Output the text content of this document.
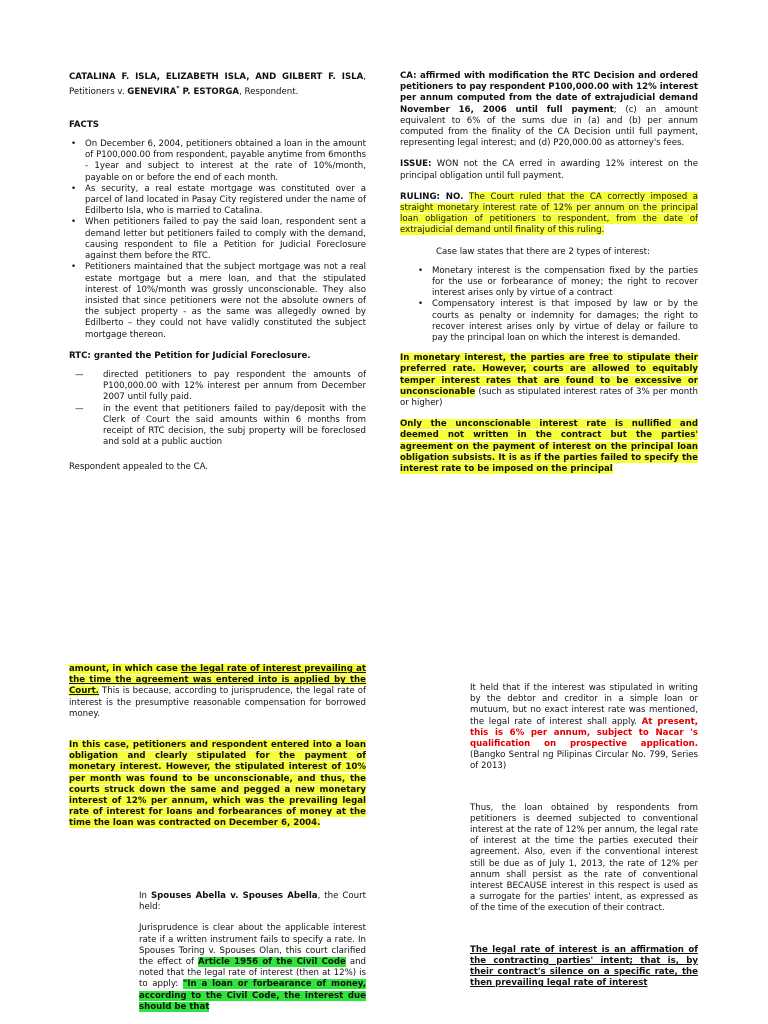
CATALINA F. ISLA, ELIZABETH ISLA, AND GILBERT F. ISLA, Petitioners v. GENEVIRA* P. ESTORGA, Respondent.

FACTS

• On December 6, 2004, petitioners obtained a loan in the amount of P100,000.00 from respondent, payable anytime from 6months - 1year and subject to interest at the rate of 10%/month, payable on or before the end of each month.
• As security, a real estate mortgage was constituted over a parcel of land located in Pasay City registered under the name of Edilberto Isla, who is married to Catalina.
• When petitioners failed to pay the said loan, respondent sent a demand letter but petitioners failed to comply with the demand, causing respondent to file a Petition for Judicial Foreclosure against them before the RTC.
• Petitioners maintained that the subject mortgage was not a real estate mortgage but a mere loan, and that the stipulated interest of 10%/month was grossly unconscionable. They also insisted that since petitioners were not the absolute owners of the subject property - as the same was allegedly owned by Edilberto – they could not have validly constituted the subject mortgage thereon.

RTC: granted the Petition for Judicial Foreclosure.

— directed petitioners to pay respondent the amounts of P100,000.00 with 12% interest per annum from December 2007 until fully paid.
— in the event that petitioners failed to pay/deposit with the Clerk of Court the said amounts within 6 months from receipt of RTC decision, the subj property will be foreclosed and sold at a public auction

Respondent appealed to the CA.

CA: affirmed with modification the RTC Decision and ordered petitioners to pay respondent P100,000.00 with 12% interest per annum computed from the date of extrajudicial demand November 16, 2006 until full payment; (c) an amount equivalent to 6% of the sums due in (a) and (b) per annum computed from the finality of the CA Decision until full payment, representing legal interest; and (d) P20,000.00 as attorney's fees.

ISSUE: WON not the CA erred in awarding 12% interest on the principal obligation until full payment.

RULING: NO. The Court ruled that the CA correctly imposed a straight monetary interest rate of 12% per annum on the principal loan obligation of petitioners to respondent, from the date of extrajudicial demand until finality of this ruling.

Case law states that there are 2 types of interest:

• Monetary interest is the compensation fixed by the parties for the use or forbearance of money; the right to recover interest arises only by virtue of a contract
• Compensatory interest is that imposed by law or by the courts as penalty or indemnity for damages; the right to recover interest arises only by virtue of delay or failure to pay the principal loan on which the interest is demanded.

In monetary interest, the parties are free to stipulate their preferred rate. However, courts are allowed to equitably temper interest rates that are found to be excessive or unconscionable (such as stipulated interest rates of 3% per month or higher)

Only the unconscionable interest rate is nullified and deemed not written in the contract but the parties' agreement on the payment of interest on the principal loan obligation subsists. It is as if the parties failed to specify the interest rate to be imposed on the principal

amount, in which case the legal rate of interest prevailing at the time the agreement was entered into is applied by the Court. This is because, according to jurisprudence, the legal rate of interest is the presumptive reasonable compensation for borrowed money.

In this case, petitioners and respondent entered into a loan obligation and clearly stipulated for the payment of monetary interest. However, the stipulated interest of 10% per month was found to be unconscionable, and thus, the courts struck down the same and pegged a new monetary interest of 12% per annum, which was the prevailing legal rate of interest for loans and forbearances of money at the time the loan was contracted on December 6, 2004.

In Spouses Abella v. Spouses Abella, the Court held:

Jurisprudence is clear about the applicable interest rate if a written instrument fails to specify a rate. In Spouses Toring v. Spouses Olan, this court clarified the effect of Article 1956 of the Civil Code and noted that the legal rate of interest (then at 12%) is to apply: "In a loan or forbearance of money, according to the Civil Code, the interest due should be that

It held that if the interest was stipulated in writing by the debtor and creditor in a simple loan or mutuum, but no exact interest rate was mentioned, the legal rate of interest shall apply. At present, this is 6% per annum, subject to Nacar 's qualification on prospective application. (Bangko Sentral ng Pilipinas Circular No. 799, Series of 2013)

Thus, the loan obtained by respondents from petitioners is deemed subjected to conventional interest at the rate of 12% per annum, the legal rate of interest at the time the parties executed their agreement. Also, even if the conventional interest still be due as of July 1, 2013, the rate of 12% per annum shall persist as the rate of conventional interest BECAUSE interest in this respect is used as a surrogate for the parties' intent, as expressed as of the time of the execution of their contract.

The legal rate of interest is an affirmation of the contracting parties' intent; that is, by their contract's silence on a specific rate, the then prevailing legal rate of interest
